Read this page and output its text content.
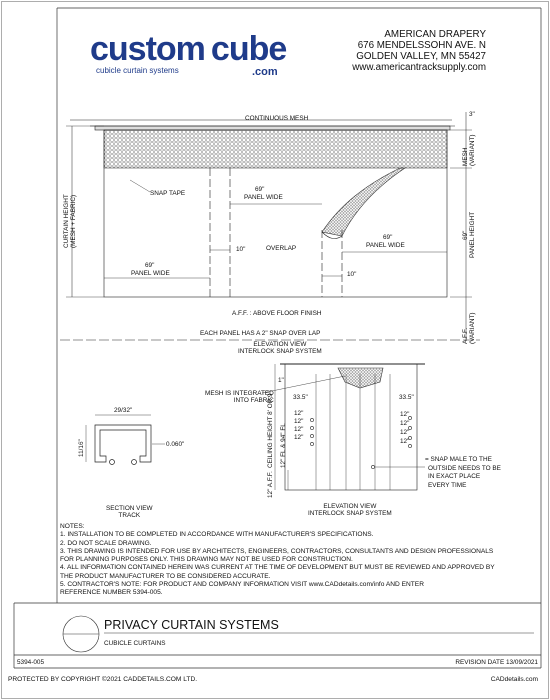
custom cube
.com
cubicle curtain systems
AMERICAN DRAPERY
676 MENDELSSOHN AVE. N
GOLDEN VALLEY, MN 55427
www.americantracksupply.com
CONTINUOUS MESH
3"
SNAP TAPE
69"
PANEL WIDE
69"
PANEL WIDE
69"
PANEL WIDE
OVERLAP
10"
10"
MESH (VARIANT)
69" PANEL HEIGHT
CURTAIN HEIGHT (MESH + FABRIC)
A.F.F. : ABOVE FLOOR FINISH
A.F.F. (VARIANT)
EACH PANEL HAS A 2" SNAP OVER LAP
ELEVATION VIEW
INTERLOCK SNAP SYSTEM
MESH IS INTEGRATED
INTO FABRIC
1"
33.5"	33.5"
12"
12"
12"
12"
12"
12"
12"
12"
CEILING HEIGHT 8' OR 9' 12" FL & 94" FL
12" A.F.F.
= SNAP MALE TO THE
OUTSIDE NEEDS TO BE
IN EXACT PLACE
EVERY TIME
ELEVATION VIEW
INTERLOCK SNAP SYSTEM
29/32"
11/16"	0.060"
SECTION VIEW
TRACK
NOTES:
1. INSTALLATION TO BE COMPLETED IN ACCORDANCE WITH MANUFACTURER'S SPECIFICATIONS.
2. DO NOT SCALE DRAWING.
3. THIS DRAWING IS INTENDED FOR USE BY ARCHITECTS, ENGINEERS, CONTRACTORS, CONSULTANTS AND DESIGN PROFESSIONALS
FOR PLANNING PURPOSES ONLY. THIS DRAWING MAY NOT BE USED FOR CONSTRUCTION.
4. ALL INFORMATION CONTAINED HEREIN WAS CURRENT AT THE TIME OF DEVELOPMENT BUT MUST BE REVIEWED AND APPROVED BY
THE PRODUCT MANUFACTURER TO BE CONSIDERED ACCURATE.
5. CONTRACTOR'S NOTE: FOR PRODUCT AND COMPANY INFORMATION VISIT www.CADdetails.com/info AND ENTER
REFERENCE NUMBER 5394-005.
PRIVACY CURTAIN SYSTEMS
CUBICLE CURTAINS
5394-005	REVISION DATE 13/09/2021
PROTECTED BY COPYRIGHT ©2021 CADDETAILS.COM LTD.	CADdetails.com
